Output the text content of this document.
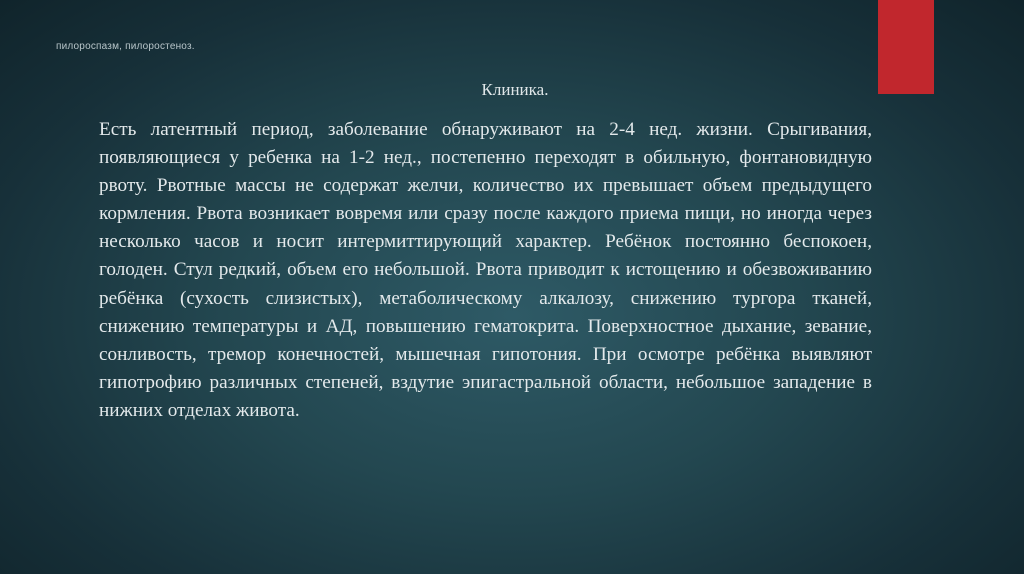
пилороспазм, пилоростеноз.
Клиника.

Есть латентный период, заболевание обнаруживают на 2-4 нед. жизни. Срыгивания, появляющиеся у ребенка на 1-2 нед., постепенно переходят в обильную, фонтановидную рвоту. Рвотные массы не содержат желчи, количество их превышает объем предыдущего кормления. Рвота возникает вовремя или сразу после каждого приема пищи, но иногда через несколько часов и носит интермиттирующий характер. Ребёнок постоянно беспокоен, голоден. Стул редкий, объем его небольшой. Рвота приводит к истощению и обезвоживанию ребёнка (сухость слизистых), метаболическому алкалозу, снижению тургора тканей, снижению температуры и АД, повышению гематокрита. Поверхностное дыхание, зевание, сонливость, тремор конечностей, мышечная гипотония. При осмотре ребёнка выявляют гипотрофию различных степеней, вздутие эпигастральной области, небольшое западение в нижних отделах живота.
